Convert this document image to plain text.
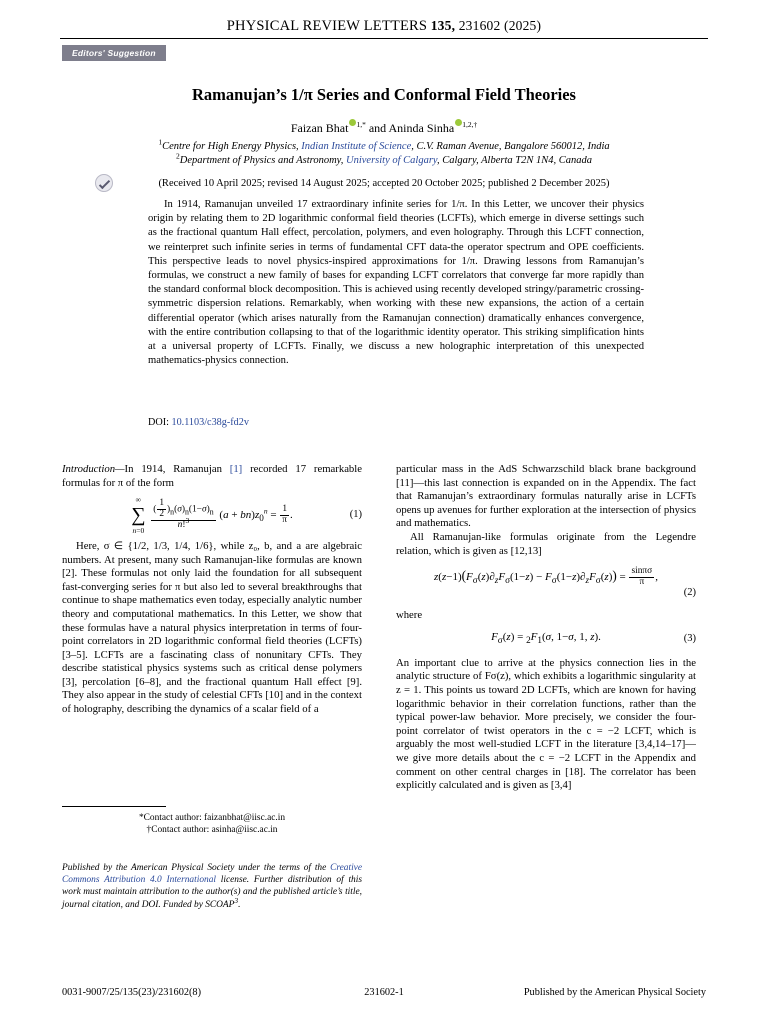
PHYSICAL REVIEW LETTERS 135, 231602 (2025)
Editors' Suggestion
Ramanujan’s 1/π Series and Conformal Field Theories
Faizan Bhat $^{1,*}$ and Aninda Sinha $^{1,2,\dagger}$
$^1$Centre for High Energy Physics, Indian Institute of Science, C.V. Raman Avenue, Bangalore 560012, India
$^2$Department of Physics and Astronomy, University of Calgary, Calgary, Alberta T2N 1N4, Canada
(Received 10 April 2025; revised 14 August 2025; accepted 20 October 2025; published 2 December 2025)
In 1914, Ramanujan unveiled 17 extraordinary infinite series for 1/π. In this Letter, we uncover their physics origin by relating them to 2D logarithmic conformal field theories (LCFTs), which emerge in diverse settings such as the fractional quantum Hall effect, percolation, polymers, and even holography. Through this LCFT connection, we reinterpret such infinite series in terms of fundamental CFT data-the operator spectrum and OPE coefficients. This perspective leads to novel physics-inspired approximations for 1/π. Drawing lessons from Ramanujan’s formulas, we construct a new family of bases for expanding LCFT correlators that converge far more rapidly than the standard conformal block decomposition. This is achieved using recently developed stringy/parametric crossing-symmetric dispersion relations. Remarkably, when working with these new expansions, the action of a certain differential operator (which arises naturally from the Ramanujan connection) dramatically enhances convergence, with the entire contribution collapsing to that of the logarithmic identity operator. This striking simplification hints at a universal property of LCFTs. Finally, we discuss a new holographic interpretation of this unexpected mathematics-physics connection.
DOI: 10.1103/c38g-fd2v

Introduction—In 1914, Ramanujan [1] recorded 17 remarkable formulas for π of the form

∞
∑
n=0
$\frac{( \frac{1}{2} )_n(\sigma)_n(1-\sigma)_n}{n!^3} (a + bn)z_0^n = \frac{1}{\pi}$ .	(1)

Here, σ ∈ {1/2, 1/3, 1/4, 1/6}, while z₀, b, and a are algebraic numbers. At present, many such Ramanujan-like formulas are known [2]. These formulas not only laid the foundation for all subsequent fast-converging series for π but also led to several breakthroughs that continue to shape mathematics even today, especially analytic number theory and computational mathematics. In this Letter, we show that these formulas have a natural physics interpretation in terms of four-point correlators in 2D logarithmic conformal field theories (LCFTs) [3–5]. LCFTs are a fascinating class of nonunitary CFTs. They describe statistical physics systems such as critical dense polymers [3], percolation [6–8], and the fractional quantum Hall effect [9]. They also appear in the study of celestial CFTs [10] and in the context of holography, describing the dynamics of a scalar field of a

particular mass in the AdS Schwarzschild black brane background [11]—this last connection is expanded on in the Appendix. The fact that Ramanujan’s extraordinary formulas naturally arise in LCFTs opens up avenues for further exploration at the intersection of physics and mathematics.

All Ramanujan-like formulas originate from the Legendre relation, which is given as [12,13]

$z(z-1)(F_\sigma(z)\partial_zF_\sigma(1-z) - F_\sigma(1-z)\partial_zF_\sigma(z)) = \frac{\sin\pi\sigma}{\pi}$ ,
(2)

where

$F_\sigma(z) = _2F_1(\sigma$, 1−σ, 1, z).	(3)

An important clue to arrive at the physics connection lies in the analytic structure of Fσ(z), which exhibits a logarithmic singularity at z = 1. This points us toward 2D LCFTs, which are known for having logarithmic behavior in their correlation functions, rather than the typical power-law behavior. More precisely, we consider the four-point correlator of twist operators in the c = −2 LCFT, which is arguably the most well-studied LCFT in the literature [3,4,14–17]—we give more details about the c = −2 LCFT in the Appendix and comment on other central charges in [18]. The correlator has been explicitly calculated and is given as [3,4]

*Contact author: faizanbhat@iisc.ac.in
†Contact author: asinha@iisc.ac.in
Published by the American Physical Society under the terms of the Creative Commons Attribution 4.0 International license. Further distribution of this work must maintain attribution to the author(s) and the published article’s title, journal citation, and DOI. Funded by SCOAP$^3$.
0031-9007/25/135(23)/231602(8)	231602-1	Published by the American Physical Society
